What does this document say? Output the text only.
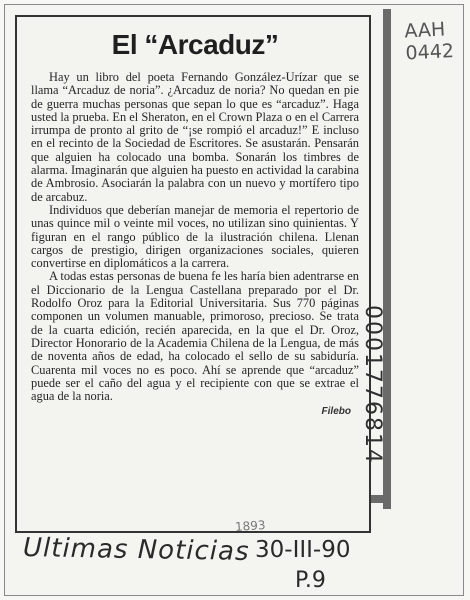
El “Arcaduz”

Hay un libro del poeta Fernando González-Urízar que se llama “Arcaduz de noria”. ¿Arcaduz de noria? No quedan en pie de guerra muchas personas que sepan lo que es “arcaduz”. Haga usted la prueba. En el Sheraton, en el Crown Plaza o en el Carrera irrumpa de pronto al grito de “¡se rompió el arcaduz!” E incluso en el recinto de la Sociedad de Escritores. Se asustarán. Pensarán que alguien ha colocado una bomba. Sonarán los timbres de alarma. Imaginarán que alguien ha puesto en actividad la carabina de Ambrosio. Asociarán la palabra con un nuevo y mortífero tipo de arcabuz.

Individuos que deberían manejar de memoria el repertorio de unas quince mil o veinte mil voces, no utilizan sino quinientas. Y figuran en el rango público de la ilustración chilena. Llenan cargos de prestigio, dirigen organizaciones sociales, quieren convertirse en diplomáticos a la carrera.

A todas estas personas de buena fe les haría bien adentrarse en el Diccionario de la Lengua Castellana preparado por el Dr. Rodolfo Oroz para la Editorial Universitaria. Sus 770 páginas componen un volumen manuable, primoroso, precioso. Se trata de la cuarta edición, recién aparecida, en la que el Dr. Oroz, Director Honorario de la Academia Chilena de la Lengua, de más de noventa años de edad, ha colocado el sello de su sabiduría. Cuarenta mil voces no es poco. Ahí se aprende que “arcaduz” puede ser el caño del agua y el recipiente con que se extrae el agua de la noria.

Filebo
AAH 0442
0001776814
1893
Ultimas Noticias 30-III-90
P.9
